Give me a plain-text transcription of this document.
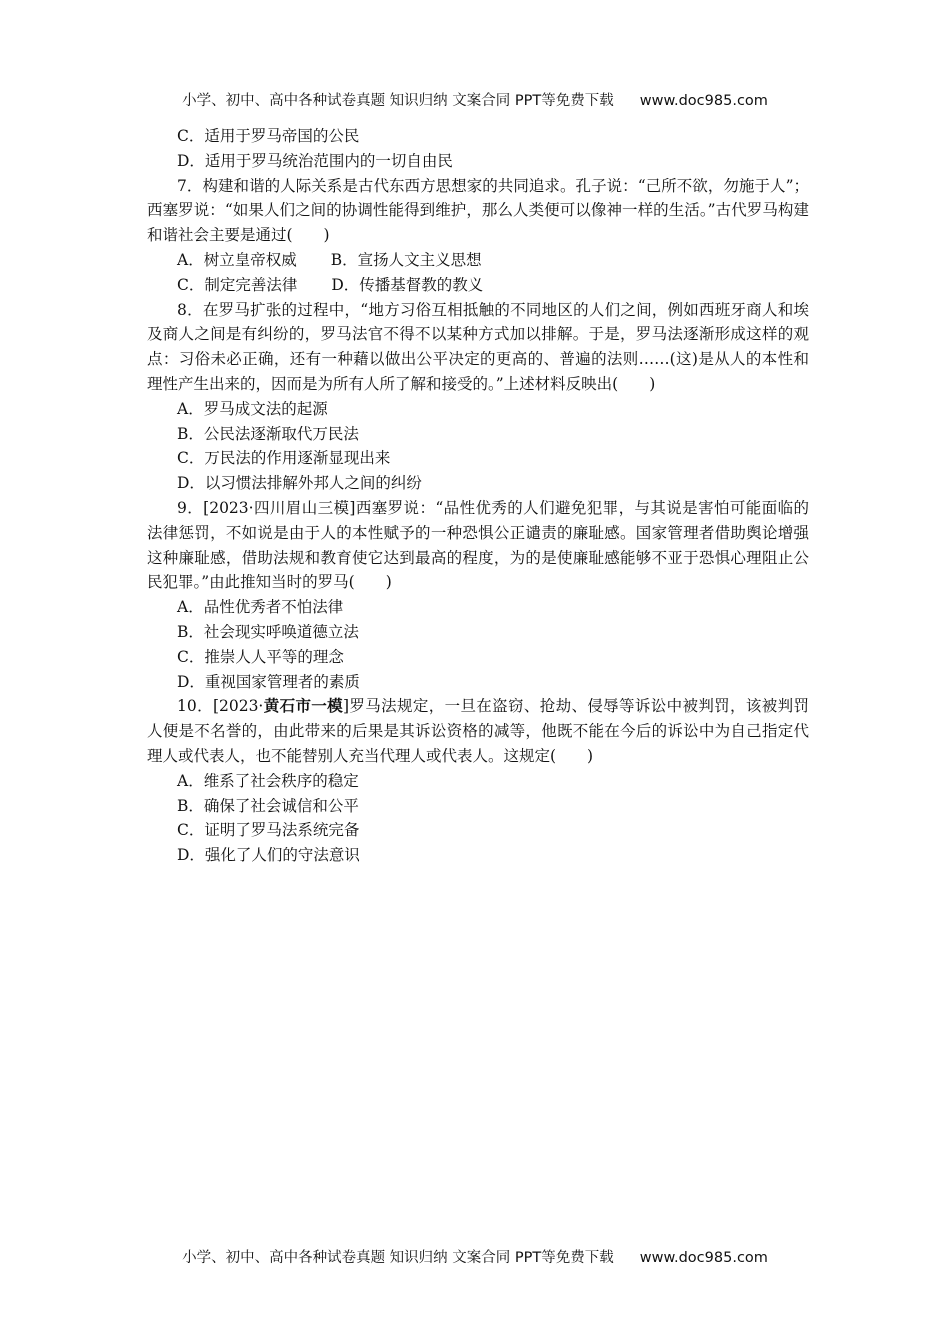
小学、初中、高中各种试卷真题 知识归纳 文案合同 PPT等免费下载 www.doc985.com

C．适用于罗马帝国的公民

D．适用于罗马统治范围内的一切自由民

7．构建和谐的人际关系是古代东西方思想家的共同追求。孔子说：“己所不欲，勿施于人”；西塞罗说：“如果人们之间的协调性能得到维护，那么人类便可以像神一样的生活。”古代罗马构建和谐社会主要是通过(　　)

A．树立皇帝权威 B．宣扬人文主义思想

C．制定完善法律 D．传播基督教的教义

8．在罗马扩张的过程中，“地方习俗互相抵触的不同地区的人们之间，例如西班牙商人和埃及商人之间是有纠纷的，罗马法官不得不以某种方式加以排解。于是，罗马法逐渐形成这样的观点：习俗未必正确，还有一种藉以做出公平决定的更高的、普遍的法则……(这)是从人的本性和理性产生出来的，因而是为所有人所了解和接受的。”上述材料反映出(　　)

A．罗马成文法的起源

B．公民法逐渐取代万民法

C．万民法的作用逐渐显现出来

D．以习惯法排解外邦人之间的纠纷

9．[2023·四川眉山三模]西塞罗说：“品性优秀的人们避免犯罪，与其说是害怕可能面临的法律惩罚，不如说是由于人的本性赋予的一种恐惧公正谴责的廉耻感。国家管理者借助舆论增强这种廉耻感，借助法规和教育使它达到最高的程度，为的是使廉耻感能够不亚于恐惧心理阻止公民犯罪。”由此推知当时的罗马(　　)

A．品性优秀者不怕法律

B．社会现实呼唤道德立法

C．推崇人人平等的理念

D．重视国家管理者的素质

10．[2023·黄石市一模]罗马法规定，一旦在盗窃、抢劫、侵辱等诉讼中被判罚，该被判罚人便是不名誉的，由此带来的后果是其诉讼资格的减等，他既不能在今后的诉讼中为自己指定代理人或代表人，也不能替别人充当代理人或代表人。这规定(　　)

A．维系了社会秩序的稳定

B．确保了社会诚信和公平

C．证明了罗马法系统完备

D．强化了人们的守法意识

小学、初中、高中各种试卷真题 知识归纳 文案合同 PPT等免费下载 www.doc985.com
